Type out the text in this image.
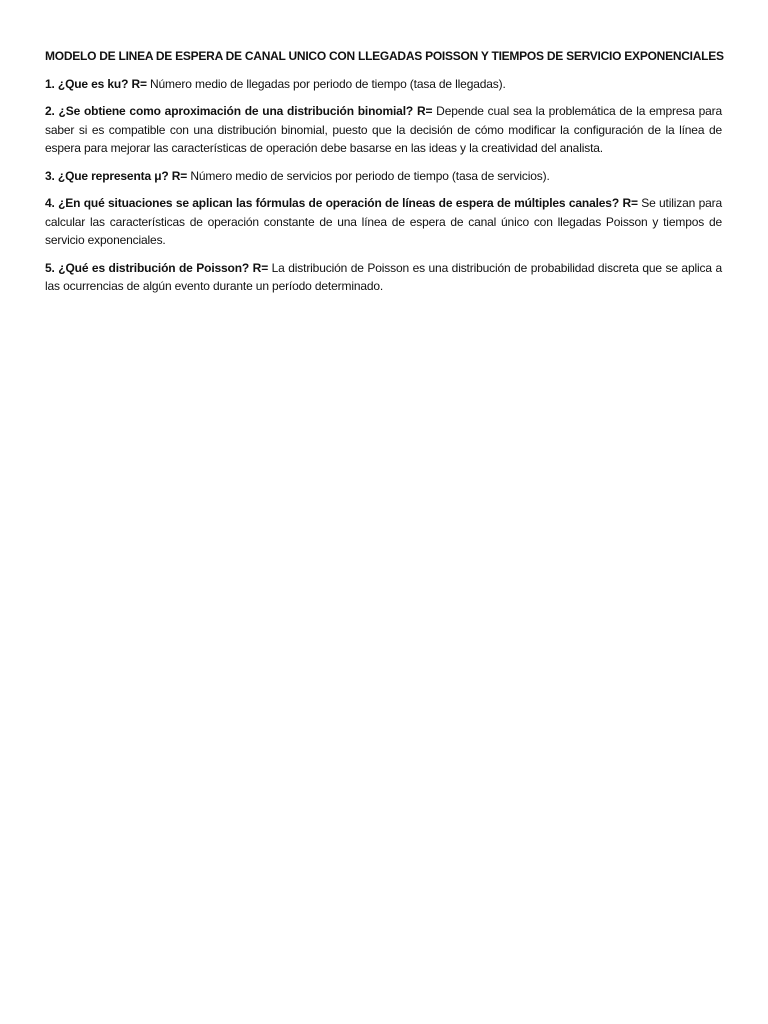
MODELO DE LINEA DE ESPERA DE CANAL UNICO CON LLEGADAS POISSON Y TIEMPOS DE SERVICIO EXPONENCIALES

1. ¿Que es ku? R= Número medio de llegadas por periodo de tiempo (tasa de llegadas).

2. ¿Se obtiene como aproximación de una distribución binomial? R= Depende cual sea la problemática de la empresa para saber si es compatible con una distribución binomial, puesto que la decisión de cómo modificar la configuración de la línea de espera para mejorar las características de operación debe basarse en las ideas y la creatividad del analista.

3. ¿Que representa μ? R= Número medio de servicios por periodo de tiempo (tasa de servicios).

4. ¿En qué situaciones se aplican las fórmulas de operación de líneas de espera de múltiples canales? R= Se utilizan para calcular las características de operación constante de una línea de espera de canal único con llegadas Poisson y tiempos de servicio exponenciales.

5. ¿Qué es distribución de Poisson? R= La distribución de Poisson es una distribución de probabilidad discreta que se aplica a las ocurrencias de algún evento durante un período determinado.
